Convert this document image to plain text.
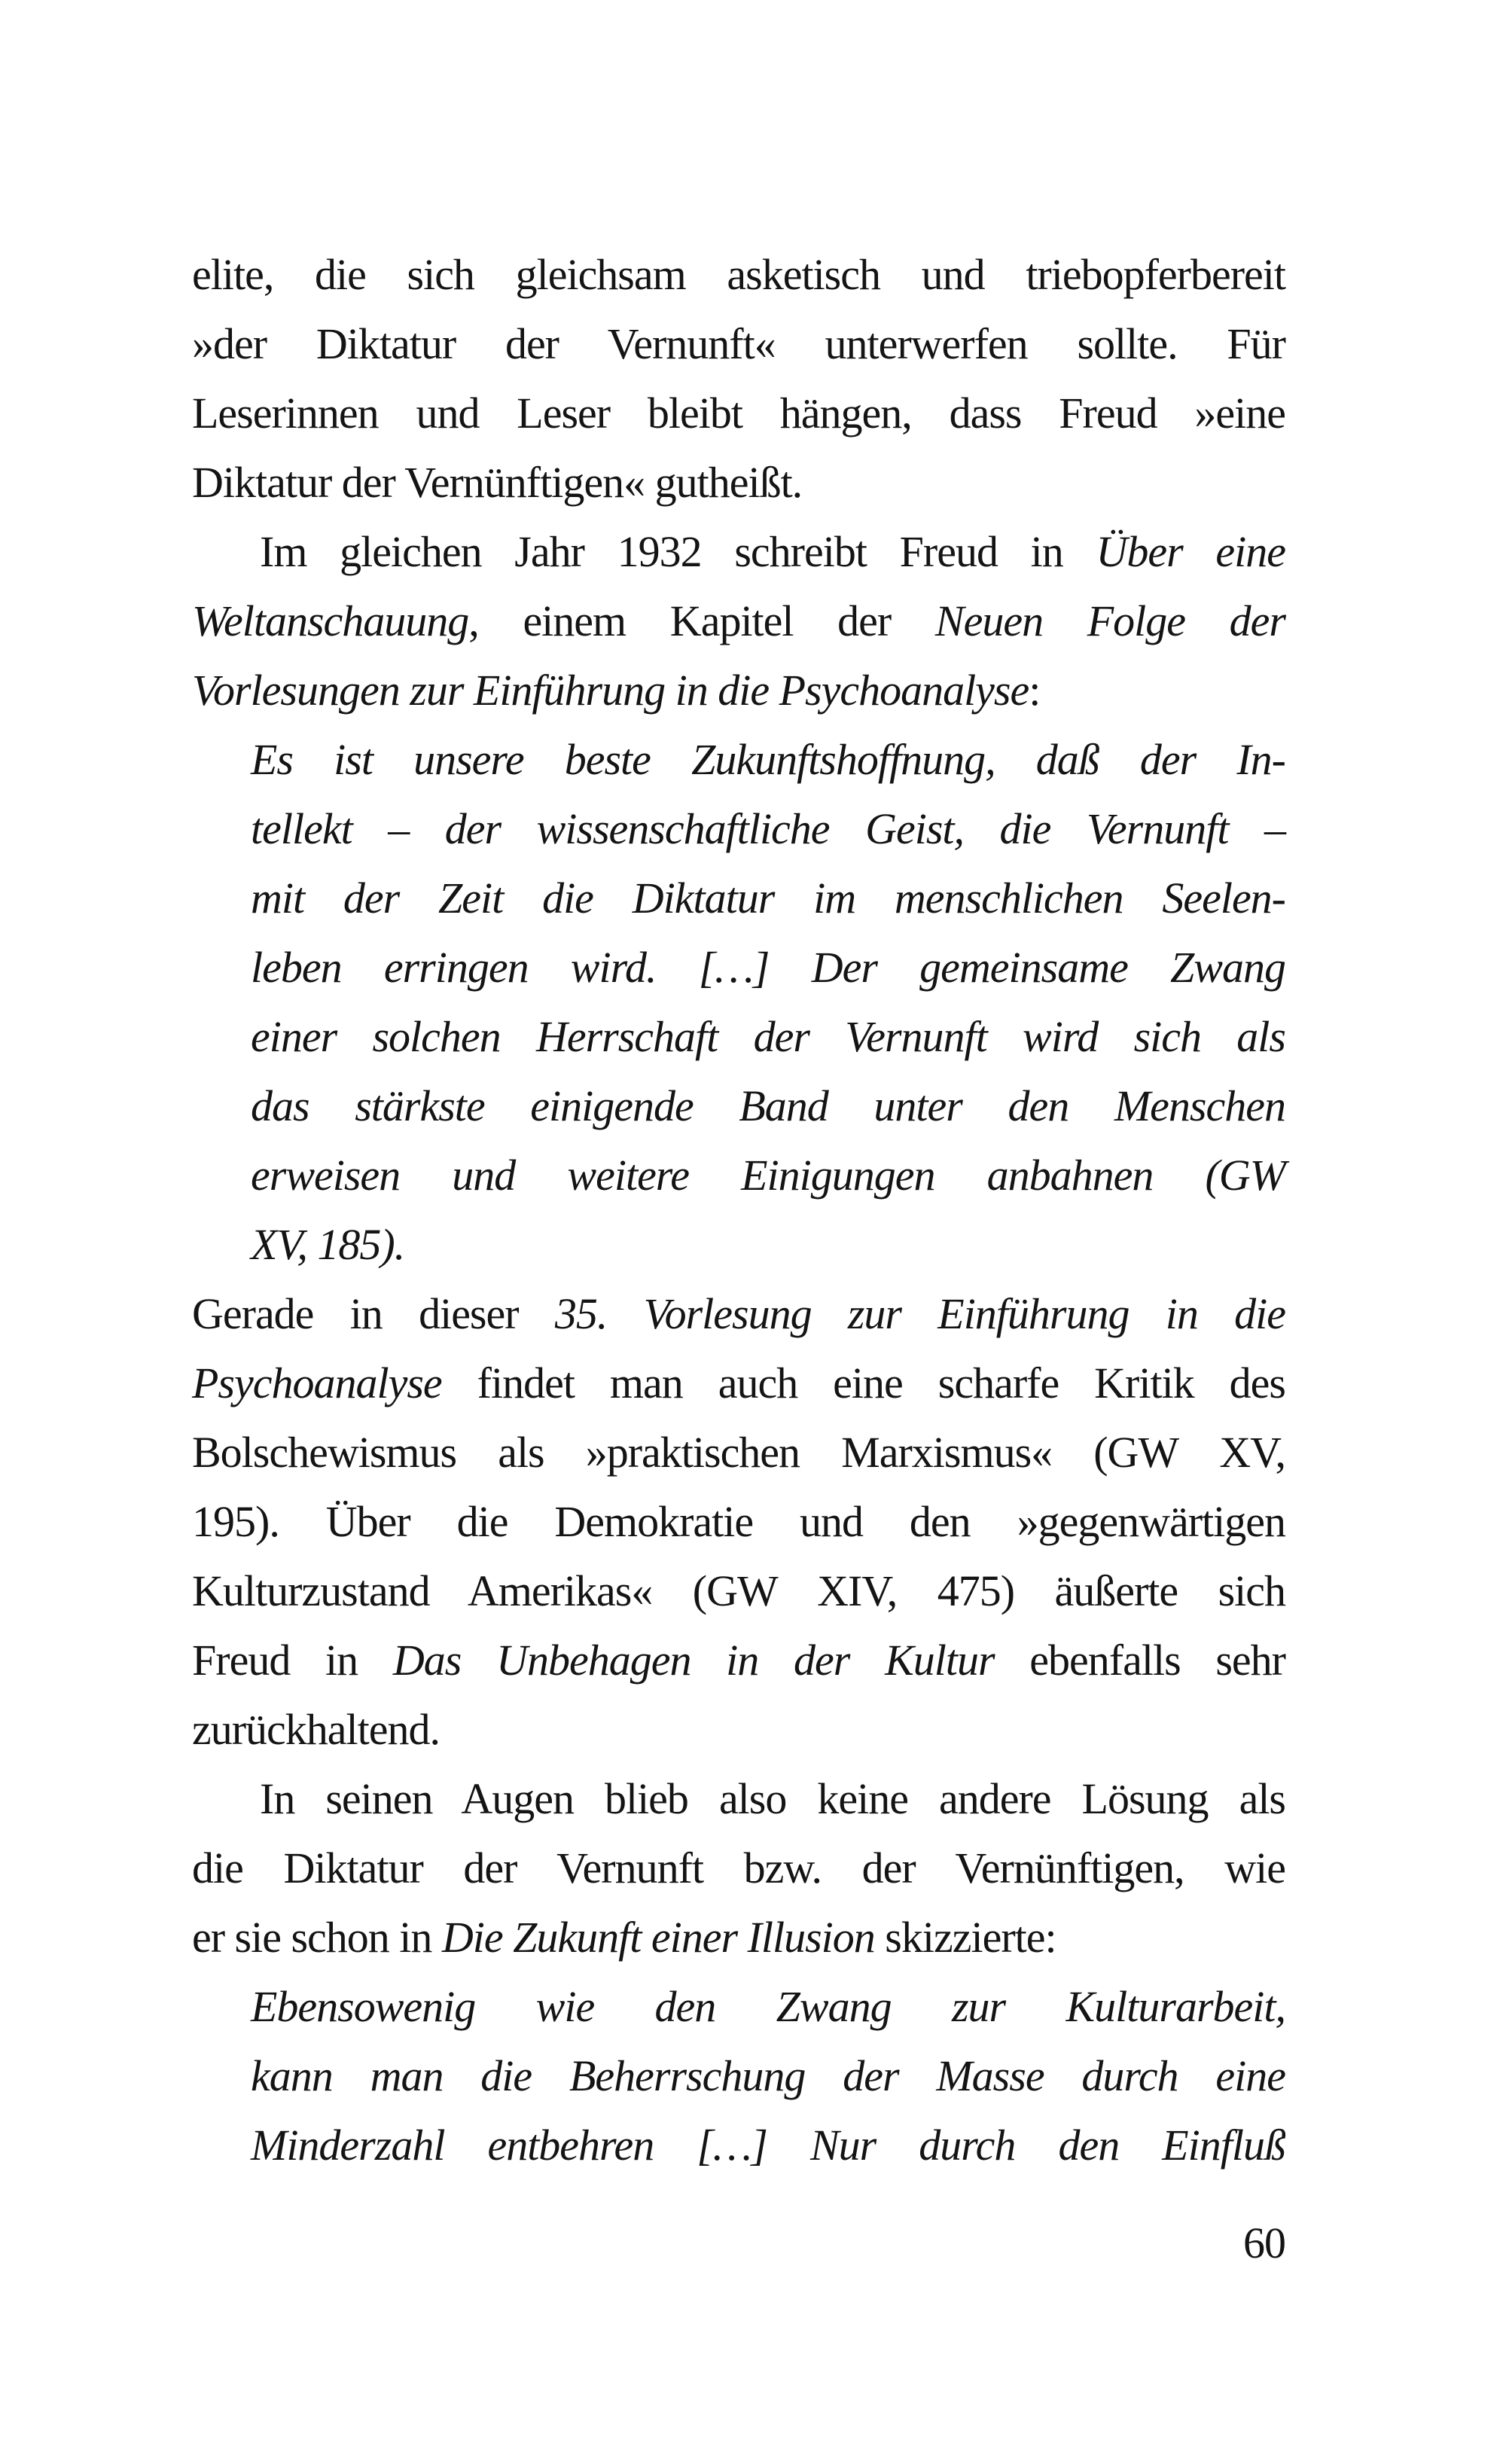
elite, die sich gleichsam asketisch und triebopferbereit
»der Diktatur der Vernunft« unterwerfen sollte. Für
Leserinnen und Leser bleibt hängen, dass Freud »eine
Diktatur der Vernünftigen« gutheißt.
Im gleichen Jahr 1932 schreibt Freud in Über eine
Weltanschauung, einem Kapitel der Neuen Folge der
Vorlesungen zur Einführung in die Psychoanalyse:
Es ist unsere beste Zukunftshoffnung, daß der In-
tellekt – der wissenschaftliche Geist, die Vernunft –
mit der Zeit die Diktatur im menschlichen Seelen-
leben erringen wird. […] Der gemeinsame Zwang
einer solchen Herrschaft der Vernunft wird sich als
das stärkste einigende Band unter den Menschen
erweisen und weitere Einigungen anbahnen (GW
XV, 185).
Gerade in dieser 35. Vorlesung zur Einführung in die
Psychoanalyse findet man auch eine scharfe Kritik des
Bolschewismus als »praktischen Marxismus« (GW XV,
195). Über die Demokratie und den »gegenwärtigen
Kulturzustand Amerikas« (GW XIV, 475) äußerte sich
Freud in Das Unbehagen in der Kultur ebenfalls sehr
zurückhaltend.
In seinen Augen blieb also keine andere Lösung als
die Diktatur der Vernunft bzw. der Vernünftigen, wie
er sie schon in Die Zukunft einer Illusion skizzierte:
Ebensowenig wie den Zwang zur Kulturarbeit,
kann man die Beherrschung der Masse durch eine
Minderzahl entbehren […] Nur durch den Einfluß
60
